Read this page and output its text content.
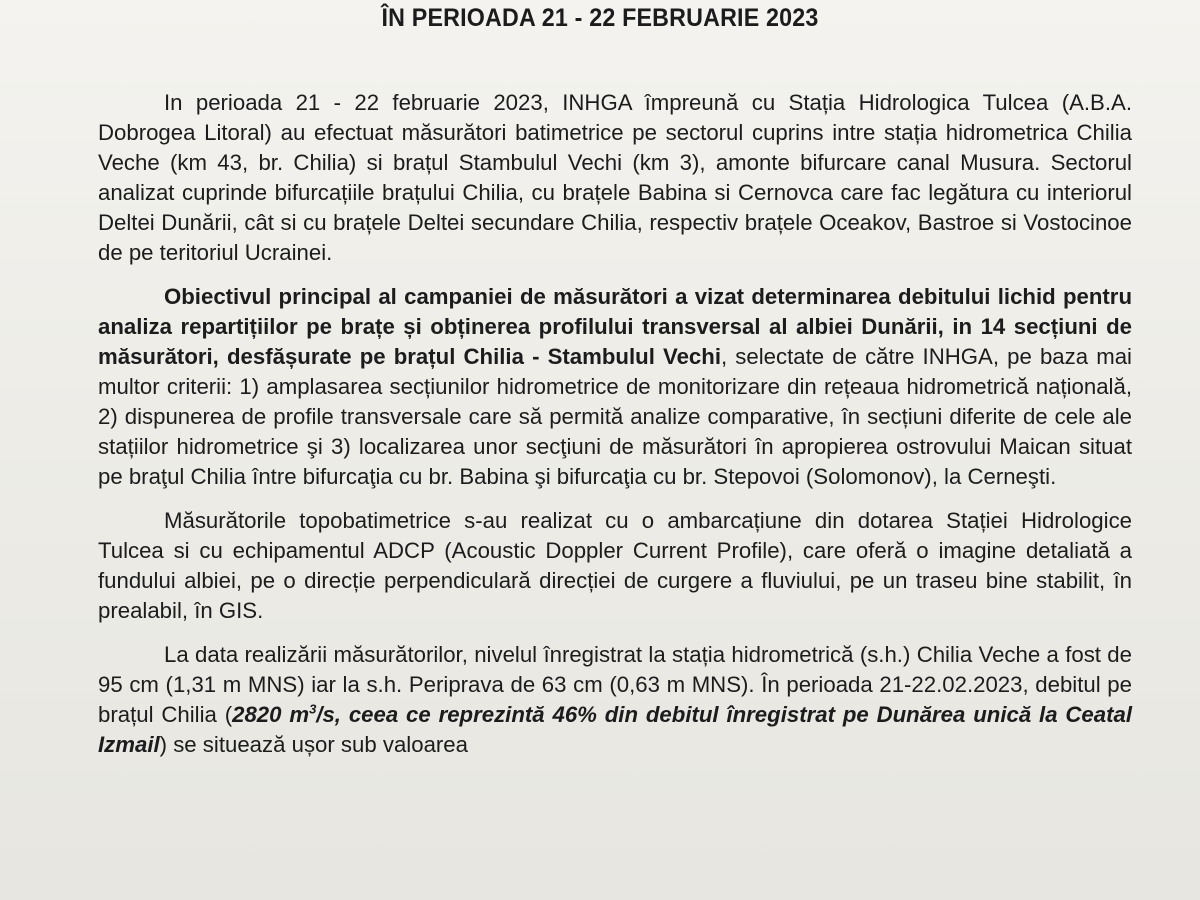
ÎN PERIOADA 21 - 22 FEBRUARIE 2023

In perioada 21 - 22 februarie 2023, INHGA împreună cu Stația Hidrologica Tulcea (A.B.A. Dobrogea Litoral) au efectuat măsurători batimetrice pe sectorul cuprins intre stația hidrometrica Chilia Veche (km 43, br. Chilia) si brațul Stambulul Vechi (km 3), amonte bifurcare canal Musura. Sectorul analizat cuprinde bifurcațiile brațului Chilia, cu brațele Babina si Cernovca care fac legătura cu interiorul Deltei Dunării, cât si cu brațele Deltei secundare Chilia, respectiv brațele Oceakov, Bastroe si Vostocinoe de pe teritoriul Ucrainei.

Obiectivul principal al campaniei de măsurători a vizat determinarea debitului lichid pentru analiza repartițiilor pe brațe și obținerea profilului transversal al albiei Dunării, in 14 secțiuni de măsurători, desfășurate pe brațul Chilia - Stambulul Vechi, selectate de către INHGA, pe baza mai multor criterii: 1) amplasarea secțiunilor hidrometrice de monitorizare din rețeaua hidrometrică națională, 2) dispunerea de profile transversale care să permită analize comparative, în secțiuni diferite de cele ale stațiilor hidrometrice şi 3) localizarea unor secţiuni de măsurători în apropierea ostrovului Maican situat pe braţul Chilia între bifurcaţia cu br. Babina şi bifurcaţia cu br. Stepovoi (Solomonov), la Cerneşti.

Măsurătorile topobatimetrice s-au realizat cu o ambarcațiune din dotarea Stației Hidrologice Tulcea si cu echipamentul ADCP (Acoustic Doppler Current Profile), care oferă o imagine detaliată a fundului albiei, pe o direcție perpendiculară direcției de curgere a fluviului, pe un traseu bine stabilit, în prealabil, în GIS.

La data realizării măsurătorilor, nivelul înregistrat la stația hidrometrică (s.h.) Chilia Veche a fost de 95 cm (1,31 m MNS) iar la s.h. Periprava de 63 cm (0,63 m MNS). În perioada 21-22.02.2023, debitul pe brațul Chilia (2820 $m^3/s$, ceea ce reprezintă 46% din debitul înregistrat pe Dunărea unică la Ceatal Izmail) se situează ușor sub valoarea
